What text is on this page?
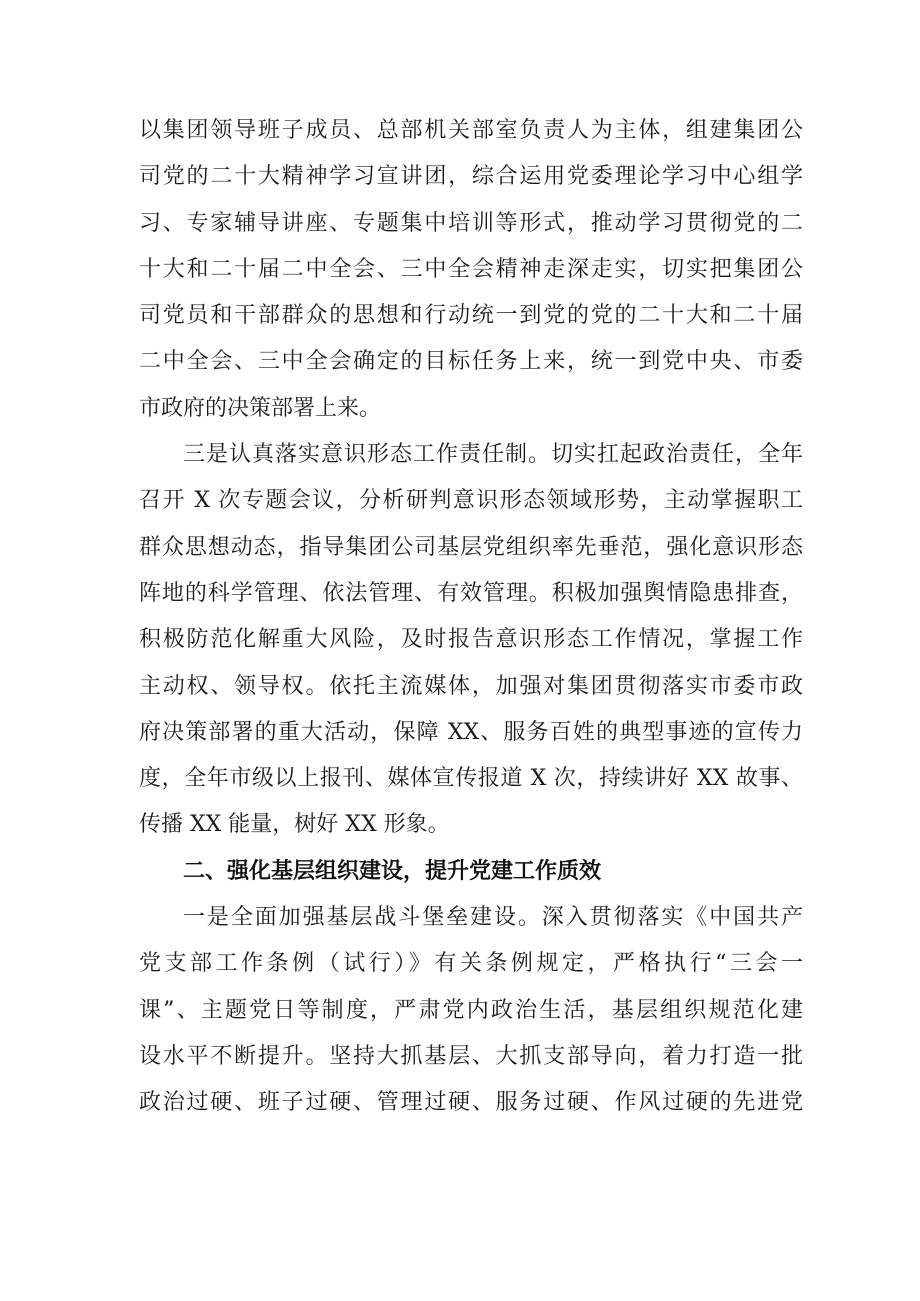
以集团领导班子成员、总部机关部室负责人为主体，组建集团公
司党的二十大精神学习宣讲团，综合运用党委理论学习中心组学
习、专家辅导讲座、专题集中培训等形式，推动学习贯彻党的二
十大和二十届二中全会、三中全会精神走深走实，切实把集团公
司党员和干部群众的思想和行动统一到党的党的二十大和二十届
二中全会、三中全会确定的目标任务上来，统一到党中央、市委
市政府的决策部署上来。
三是认真落实意识形态工作责任制。切实扛起政治责任，全年
召开 X 次专题会议，分析研判意识形态领域形势，主动掌握职工
群众思想动态，指导集团公司基层党组织率先垂范，强化意识形态
阵地的科学管理、依法管理、有效管理。积极加强舆情隐患排查，
积极防范化解重大风险，及时报告意识形态工作情况，掌握工作
主动权、领导权。依托主流媒体，加强对集团贯彻落实市委市政
府决策部署的重大活动，保障 XX、服务百姓的典型事迹的宣传力
度，全年市级以上报刊、媒体宣传报道 X 次，持续讲好 XX 故事、
传播 XX 能量，树好 XX 形象。
二、强化基层组织建设，提升党建工作质效
一是全面加强基层战斗堡垒建设。深入贯彻落实《中国共产
党支部工作条例（试行）》有关条例规定，严格执行“三会一
课”、主题党日等制度，严肃党内政治生活，基层组织规范化建
设水平不断提升。坚持大抓基层、大抓支部导向，着力打造一批
政治过硬、班子过硬、管理过硬、服务过硬、作风过硬的先进党
